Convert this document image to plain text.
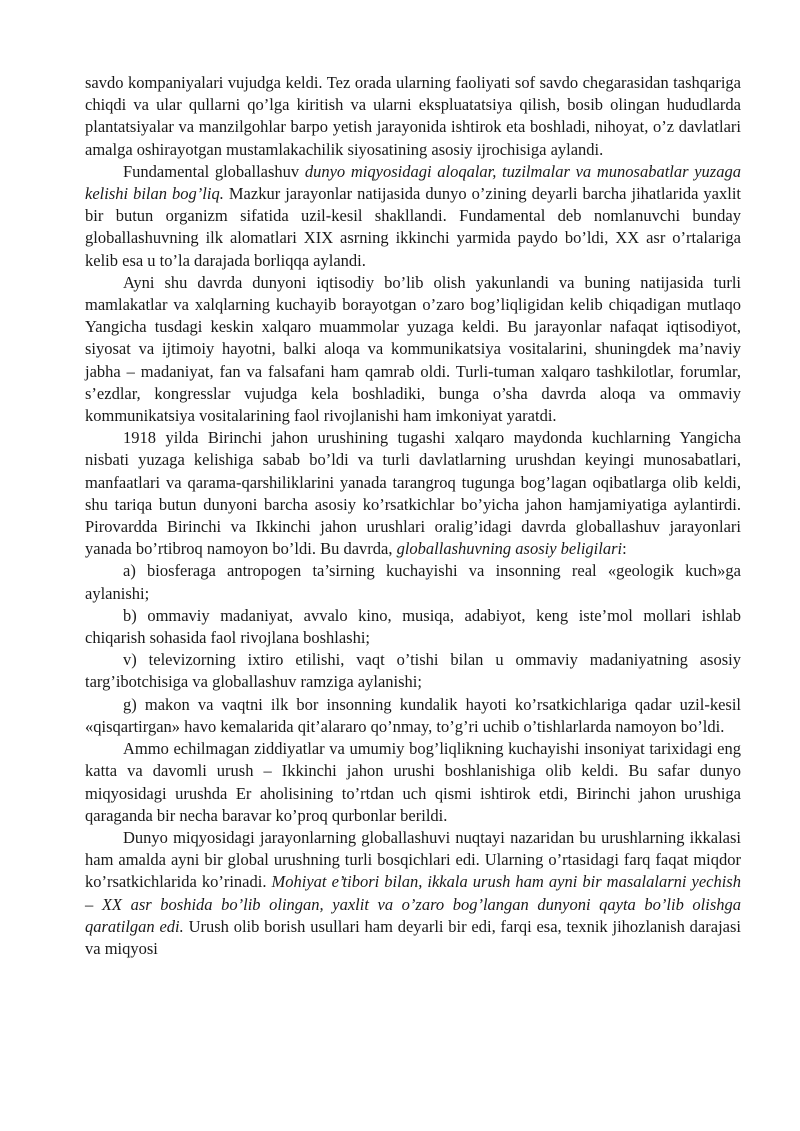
savdo kompaniyalari vujudga keldi. Tez orada ularning faoliyati sof savdo chegarasidan tashqariga chiqdi va ular qullarni qo’lga kiritish va ularni ekspluatatsiya qilish, bosib olingan hududlarda plantatsiyalar va manzilgohlar barpo yetish jarayonida ishtirok eta boshladi, nihoyat, o’z davlatlari amalga oshirayotgan mustamlakachilik siyosatining asosiy ijrochisiga aylandi.

Fundamental globallashuv dunyo miqyosidagi aloqalar, tuzilmalar va munosabatlar yuzaga kelishi bilan bog’liq. Mazkur jarayonlar natijasida dunyo o’zining deyarli barcha jihatlarida yaxlit bir butun organizm sifatida uzil-kesil shakllandi. Fundamental deb nomlanuvchi bunday globallashuvning ilk alomatlari XIX asrning ikkinchi yarmida paydo bo’ldi, XX asr o’rtalariga kelib esa u to’la darajada borliqqa aylandi.

Ayni shu davrda dunyoni iqtisodiy bo’lib olish yakunlandi va buning natijasida turli mamlakatlar va xalqlarning kuchayib borayotgan o’zaro bog’liqligidan kelib chiqadigan mutlaqo Yangicha tusdagi keskin xalqaro muammolar yuzaga keldi. Bu jarayonlar nafaqat iqtisodiyot, siyosat va ijtimoiy hayotni, balki aloqa va kommunikatsiya vositalarini, shuningdek ma’naviy jabha – madaniyat, fan va falsafani ham qamrab oldi. Turli-tuman xalqaro tashkilotlar, forumlar, s’ezdlar, kongresslar vujudga kela boshladiki, bunga o’sha davrda aloqa va ommaviy kommunikatsiya vositalarining faol rivojlanishi ham imkoniyat yaratdi.

1918 yilda Birinchi jahon urushining tugashi xalqaro maydonda kuchlarning Yangicha nisbati yuzaga kelishiga sabab bo’ldi va turli davlatlarning urushdan keyingi munosabatlari, manfaatlari va qarama-qarshiliklarini yanada tarangroq tugunga bog’lagan oqibatlarga olib keldi, shu tariqa butun dunyoni barcha asosiy ko’rsatkichlar bo’yicha jahon hamjamiyatiga aylantirdi. Pirovardda Birinchi va Ikkinchi jahon urushlari oralig’idagi davrda globallashuv jarayonlari yanada bo’rtibroq namoyon bo’ldi. Bu davrda, globallashuvning asosiy beligilari:

a) biosferaga antropogen ta’sirning kuchayishi va insonning real «geologik kuch»ga aylanishi;

b) ommaviy madaniyat, avvalo kino, musiqa, adabiyot, keng iste’mol mollari ishlab chiqarish sohasida faol rivojlana boshlashi;

v) televizorning ixtiro etilishi, vaqt o’tishi bilan u ommaviy madaniyatning asosiy targ’ibotchisiga va globallashuv ramziga aylanishi;

g) makon va vaqtni ilk bor insonning kundalik hayoti ko’rsatkichlariga qadar uzil-kesil «qisqartirgan» havo kemalarida qit’alararo qo’nmay, to’g’ri uchib o’tishlarlarda namoyon bo’ldi.

Ammo echilmagan ziddiyatlar va umumiy bog’liqlikning kuchayishi insoniyat tarixidagi eng katta va davomli urush – Ikkinchi jahon urushi boshlanishiga olib keldi. Bu safar dunyo miqyosidagi urushda Er aholisining to’rtdan uch qismi ishtirok etdi, Birinchi jahon urushiga qaraganda bir necha baravar ko’proq qurbonlar berildi.

Dunyo miqyosidagi jarayonlarning globallashuvi nuqtayi nazaridan bu urushlarning ikkalasi ham amalda ayni bir global urushning turli bosqichlari edi. Ularning o’rtasidagi farq faqat miqdor ko’rsatkichlarida ko’rinadi. Mohiyat e’tibori bilan, ikkala urush ham ayni bir masalalarni yechish – XX asr boshida bo’lib olingan, yaxlit va o’zaro bog’langan dunyoni qayta bo’lib olishga qaratilgan edi. Urush olib borish usullari ham deyarli bir edi, farqi esa, texnik jihozlanish darajasi va miqyosi
